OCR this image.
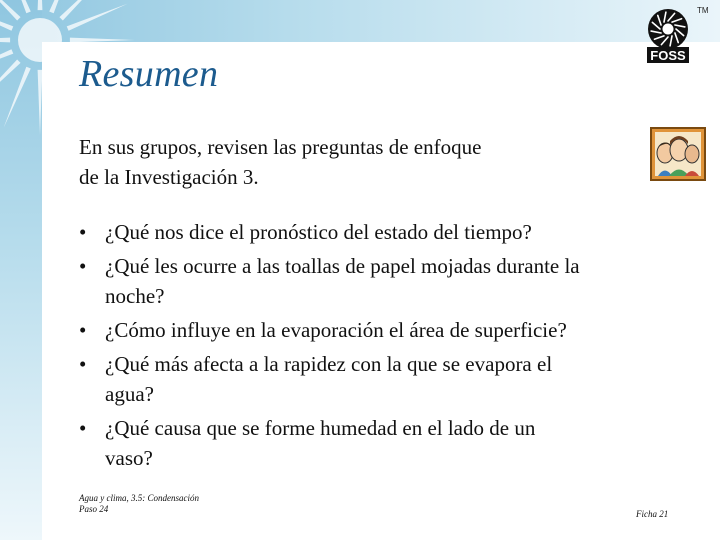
TM
FOSS
Resumen
En sus grupos, revisen las preguntas de enfoque
de la Investigación 3.
• ¿Qué nos dice el pronóstico del estado del tiempo?
• ¿Qué les ocurre a las toallas de papel mojadas durante la
noche?
• ¿Cómo influye en la evaporación el área de superficie?
• ¿Qué más afecta a la rapidez con la que se evapora el
agua?
• ¿Qué causa que se forme humedad en el lado de un
vaso?
Agua y clima, 3.5: Condensación
Paso 24	Ficha 21
